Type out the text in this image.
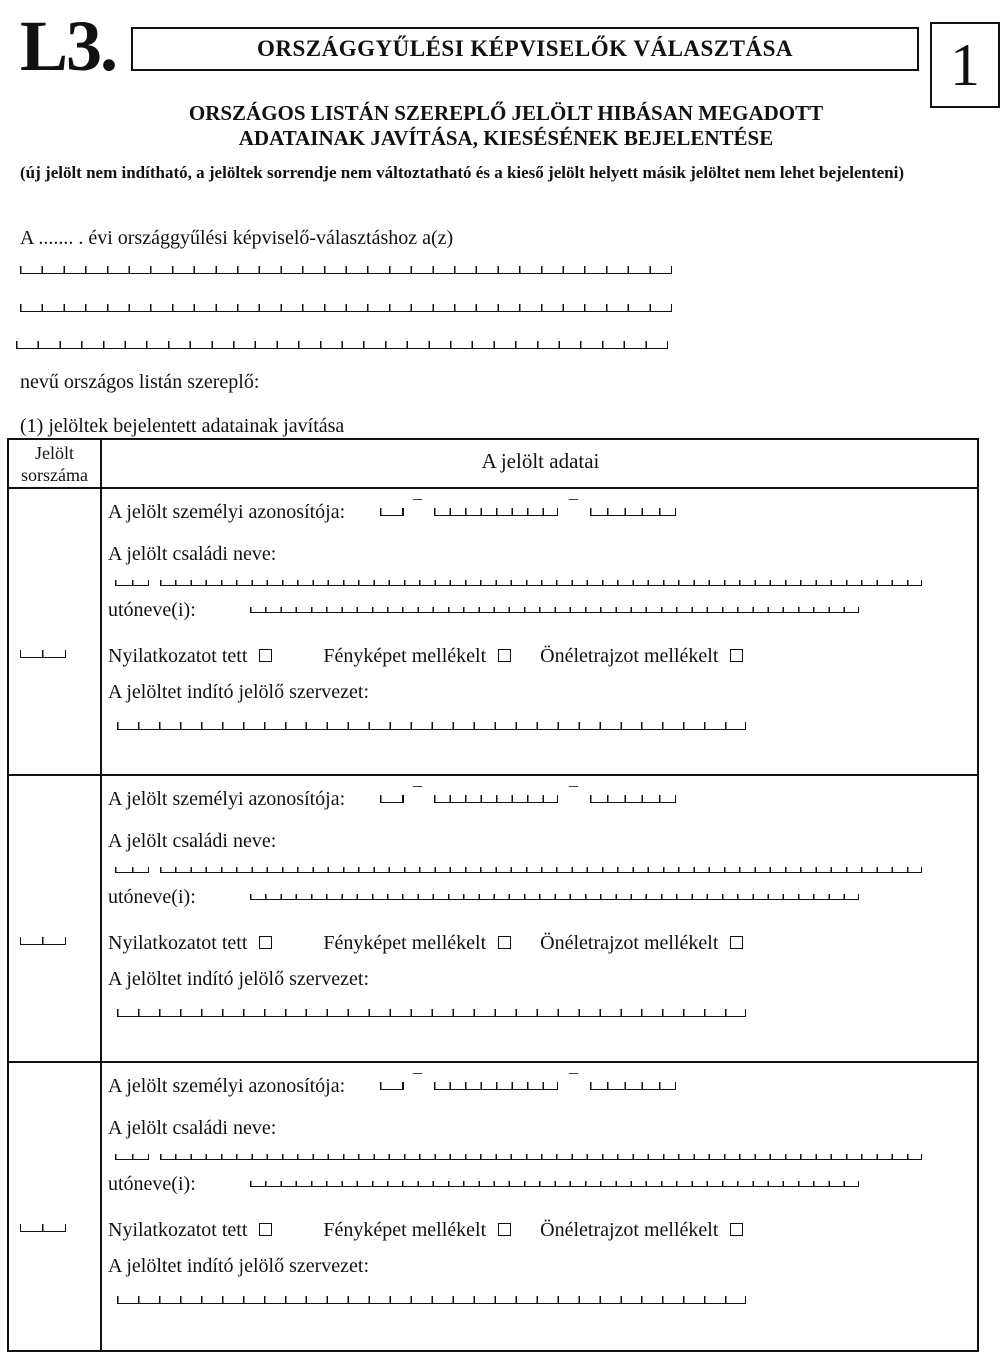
L3.	ORSZÁGGYŰLÉSI KÉPVISELŐK VÁLASZTÁSA	1
ORSZÁGOS LISTÁN SZEREPLŐ JELÖLT HIBÁSAN MEGADOTT
ADATAINAK JAVÍTÁSA, KIESÉSÉNEK BEJELENTÉSE
(új jelölt nem indítható, a jelöltek sorrendje nem változtatható és a kieső jelölt helyett másik jelöltet nem lehet bejelenteni)
A ....... . évi országgyűlési képviselő-választáshoz a(z)
nevű országos listán szereplő:
(1) jelöltek bejelentett adatainak javítása
Jelölt
sorszáma
A jelölt adatai
A jelölt személyi azonosítója:	¯	¯
A jelölt családi neve:
utóneve(i):
Nyilatkozatot tett	Fényképet mellékelt	Önéletrajzot mellékelt
A jelöltet indító jelölő szervezet:
A jelölt személyi azonosítója:	¯	¯
A jelölt családi neve:
utóneve(i):
Nyilatkozatot tett	Fényképet mellékelt	Önéletrajzot mellékelt
A jelöltet indító jelölő szervezet:
A jelölt személyi azonosítója:	¯	¯
A jelölt családi neve:
utóneve(i):
Nyilatkozatot tett	Fényképet mellékelt	Önéletrajzot mellékelt
A jelöltet indító jelölő szervezet:
